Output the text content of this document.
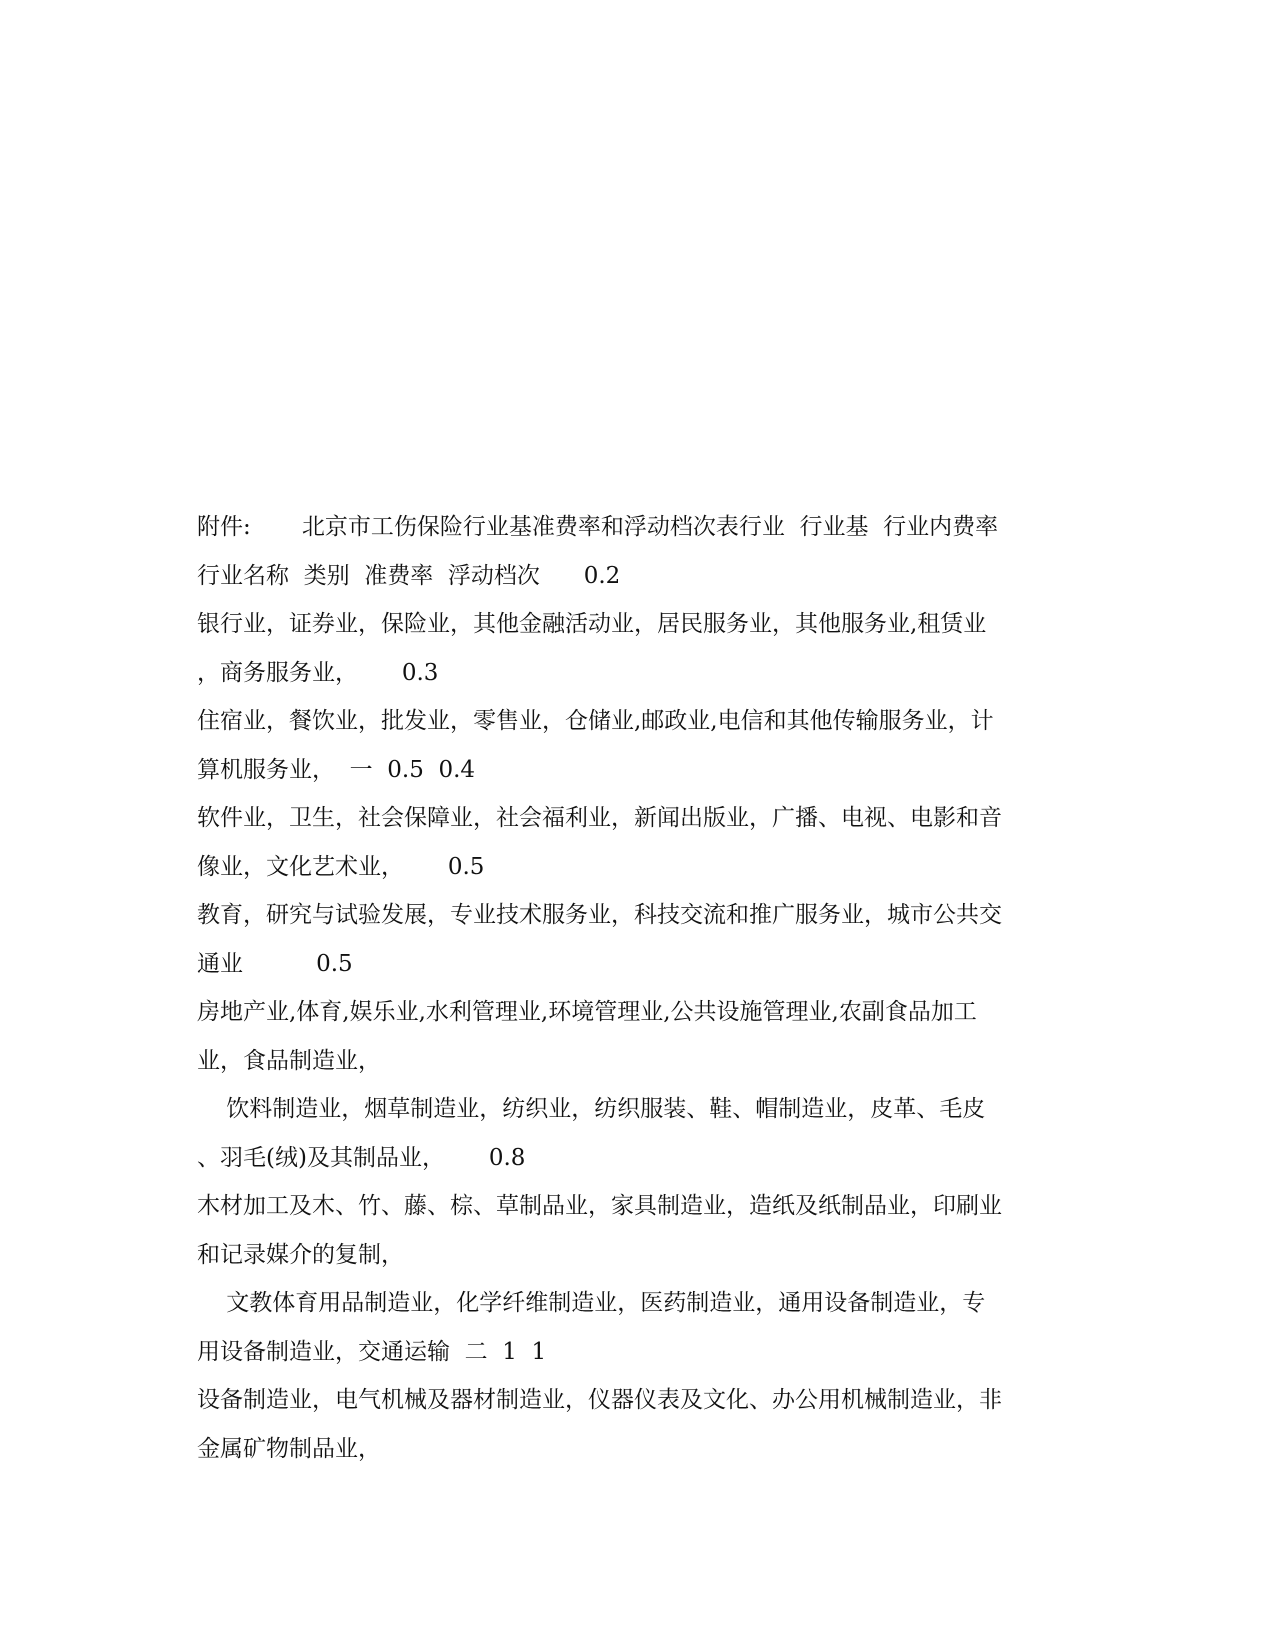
附件:       北京市工伤保险行业基准费率和浮动档次表行业  行业基  行业内费率
行业名称  类别  准费率  浮动档次      0.2
银行业，证券业，保险业，其他金融活动业，居民服务业，其他服务业,租赁业
，商务服务业，      0.3
住宿业，餐饮业，批发业，零售业，仓储业,邮政业,电信和其他传输服务业，计
算机服务业，  一  0.5  0.4
软件业，卫生，社会保障业，社会福利业，新闻出版业，广播、电视、电影和音
像业，文化艺术业，      0.5
教育，研究与试验发展，专业技术服务业，科技交流和推广服务业，城市公共交
通业          0.5
房地产业,体育,娱乐业,水利管理业,环境管理业,公共设施管理业,农副食品加工
业，食品制造业，
饮料制造业，烟草制造业，纺织业，纺织服装、鞋、帽制造业，皮革、毛皮
、羽毛(绒)及其制品业，      0.8
木材加工及木、竹、藤、棕、草制品业，家具制造业，造纸及纸制品业，印刷业
和记录媒介的复制，
文教体育用品制造业，化学纤维制造业，医药制造业，通用设备制造业，专
用设备制造业，交通运输  二  1  1
设备制造业，电气机械及器材制造业，仪器仪表及文化、办公用机械制造业，非
金属矿物制品业，
